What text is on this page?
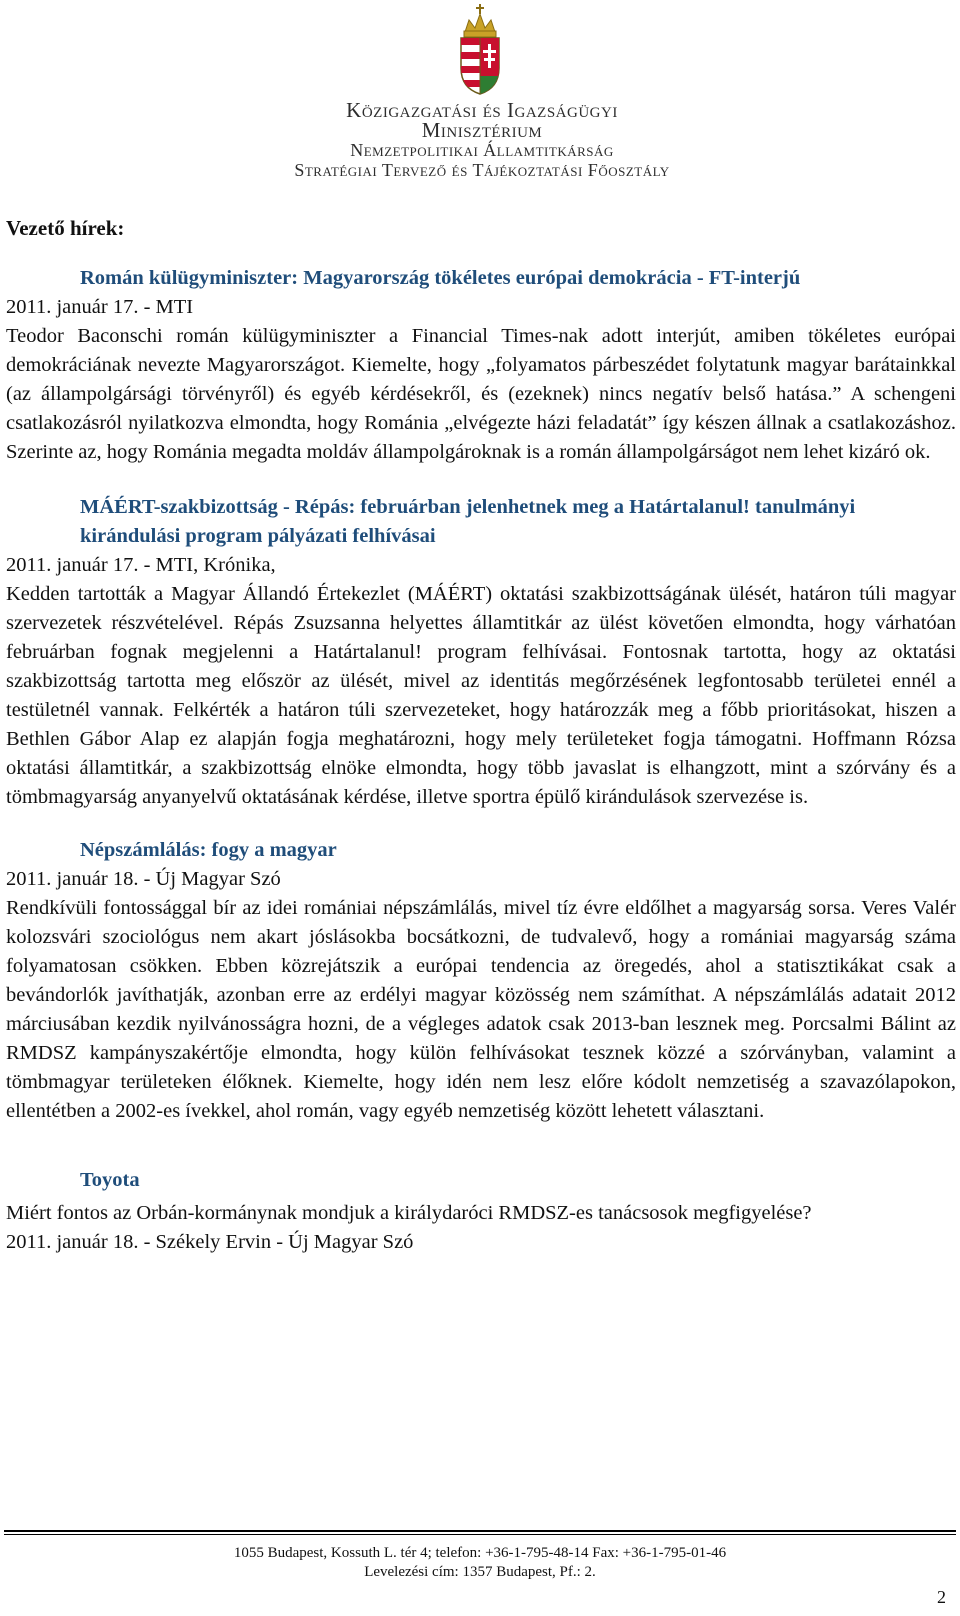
Közigazgatási és Igazságügyi
Minisztérium
Nemzetpolitikai Államtitkárság
Stratégiai Tervező és Tájékoztatási Főosztály
Vezető hírek:

Román külügyminiszter: Magyarország tökéletes európai demokrácia - FT-interjú

2011. január 17. - MTI

Teodor Baconschi román külügyminiszter a Financial Times-nak adott interjút, amiben tökéletes európai demokráciának nevezte Magyarországot. Kiemelte, hogy „folyamatos párbeszédet folytatunk magyar barátainkkal (az állampolgársági törvényről) és egyéb kérdésekről, és (ezeknek) nincs negatív belső hatása.” A schengeni csatlakozásról nyilatkozva elmondta, hogy Románia „elvégezte házi feladatát” így készen állnak a csatlakozáshoz. Szerinte az, hogy Románia megadta moldáv állampolgároknak is a román állampolgárságot nem lehet kizáró ok.

MÁÉRT-szakbizottság - Répás: februárban jelenhetnek meg a Határtalanul! tanulmányi kirándulási program pályázati felhívásai

2011. január 17. - MTI, Krónika,

Kedden tartották a Magyar Állandó Értekezlet (MÁÉRT) oktatási szakbizottságának ülését, határon túli magyar szervezetek részvételével. Répás Zsuzsanna helyettes államtitkár az ülést követően elmondta, hogy várhatóan februárban fognak megjelenni a Határtalanul! program felhívásai. Fontosnak tartotta, hogy az oktatási szakbizottság tartotta meg először az ülését, mivel az identitás megőrzésének legfontosabb területei ennél a testületnél vannak. Felkérték a határon túli szervezeteket, hogy határozzák meg a főbb prioritásokat, hiszen a Bethlen Gábor Alap ez alapján fogja meghatározni, hogy mely területeket fogja támogatni. Hoffmann Rózsa oktatási államtitkár, a szakbizottság elnöke elmondta, hogy több javaslat is elhangzott, mint a szórvány és a tömbmagyarság anyanyelvű oktatásának kérdése, illetve sportra épülő kirándulások szervezése is.

Népszámlálás: fogy a magyar

2011. január 18. - Új Magyar Szó

Rendkívüli fontossággal bír az idei romániai népszámlálás, mivel tíz évre eldőlhet a magyarság sorsa. Veres Valér kolozsvári szociológus nem akart jóslásokba bocsátkozni, de tudvalevő, hogy a romániai magyarság száma folyamatosan csökken. Ebben közrejátszik a európai tendencia az öregedés, ahol a statisztikákat csak a bevándorlók javíthatják, azonban erre az erdélyi magyar közösség nem számíthat. A népszámlálás adatait 2012 márciusában kezdik nyilvánosságra hozni, de a végleges adatok csak 2013-ban lesznek meg. Porcsalmi Bálint az RMDSZ kampányszakértője elmondta, hogy külön felhívásokat tesznek közzé a szórványban, valamint a tömbmagyar területeken élőknek. Kiemelte, hogy idén nem lesz előre kódolt nemzetiség a szavazólapokon, ellentétben a 2002-es ívekkel, ahol román, vagy egyéb nemzetiség között lehetett választani.

Toyota

Miért fontos az Orbán-kormánynak mondjuk a királydaróci RMDSZ-es tanácsosok megfigyelése?

2011. január 18. - Székely Ervin - Új Magyar Szó

1055 Budapest, Kossuth L. tér 4; telefon: +36-1-795-48-14 Fax: +36-1-795-01-46
Levelezési cím: 1357 Budapest, Pf.: 2.
2
